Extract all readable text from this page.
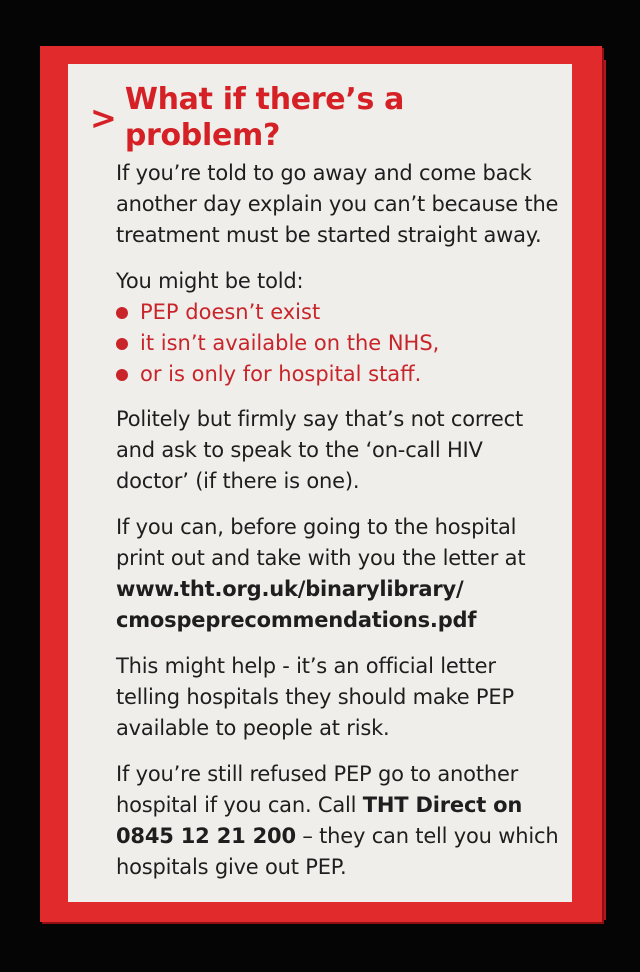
> What if there’s a problem?

If you’re told to go away and come back another day explain you can’t because the treatment must be started straight away.

You might be told:

PEP doesn’t exist
it isn’t available on the NHS,
or is only for hospital staff.

Politely but firmly say that’s not correct and ask to speak to the ‘on-call HIV doctor’ (if there is one).

If you can, before going to the hospital print out and take with you the letter at
www.tht.org.uk/binarylibrary/
cmospeprecommendations.pdf

This might help - it’s an official letter telling hospitals they should make PEP available to people at risk.

If you’re still refused PEP go to another hospital if you can. Call THT Direct on 0845 12 21 200 – they can tell you which hospitals give out PEP.
